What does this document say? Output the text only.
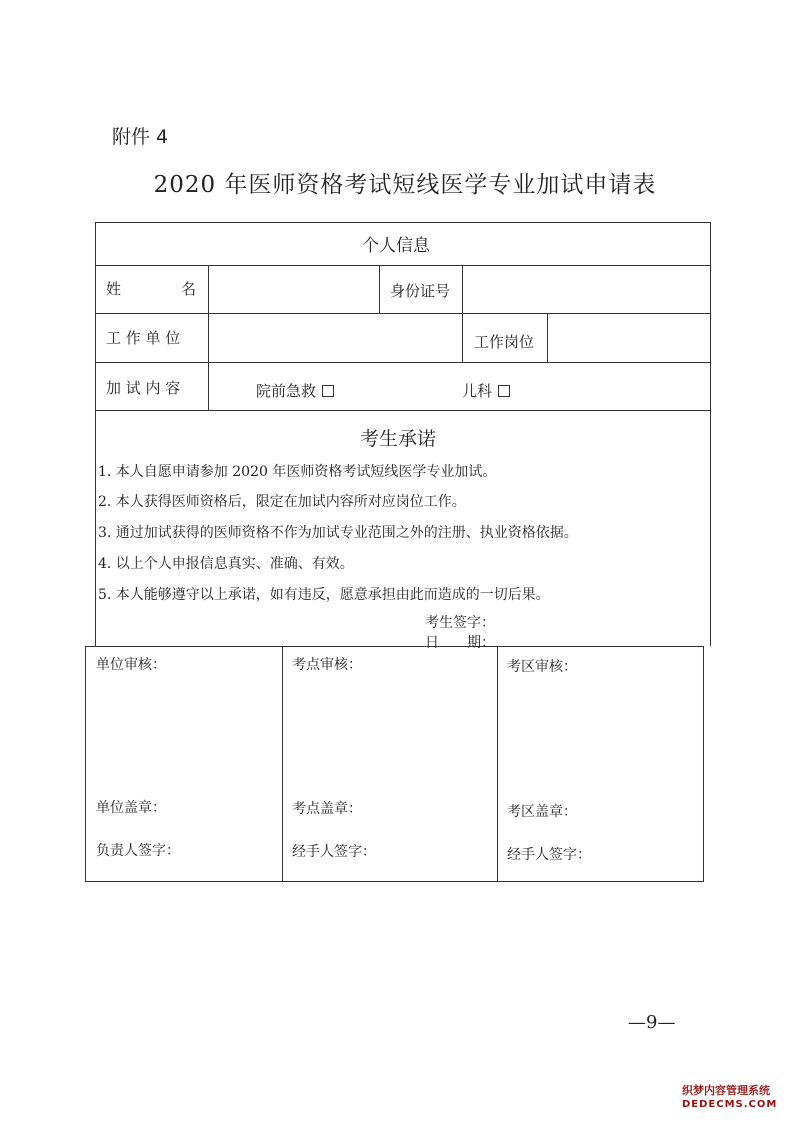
附件 4
2020 年医师资格考试短线医学专业加试申请表
个人信息
姓　　　　名	身份证号
工 作 单 位	工作岗位
加 试 内 容	院前急救	儿科
考生承诺
1. 本人自愿申请参加 2020 年医师资格考试短线医学专业加试。
2. 本人获得医师资格后，限定在加试内容所对应岗位工作。
3. 通过加试获得的医师资格不作为加试专业范围之外的注册、执业资格依据。
4. 以上个人申报信息真实、准确、有效。
5. 本人能够遵守以上承诺，如有违反，愿意承担由此而造成的一切后果。
考生签字：
日　　期：
单位审核：
单位盖章：
负责人签字：
考点审核：
考点盖章：
经手人签字：
考区审核：
考区盖章：
经手人签字：
—9—
织梦内容管理系统
DEDECMS.COM
